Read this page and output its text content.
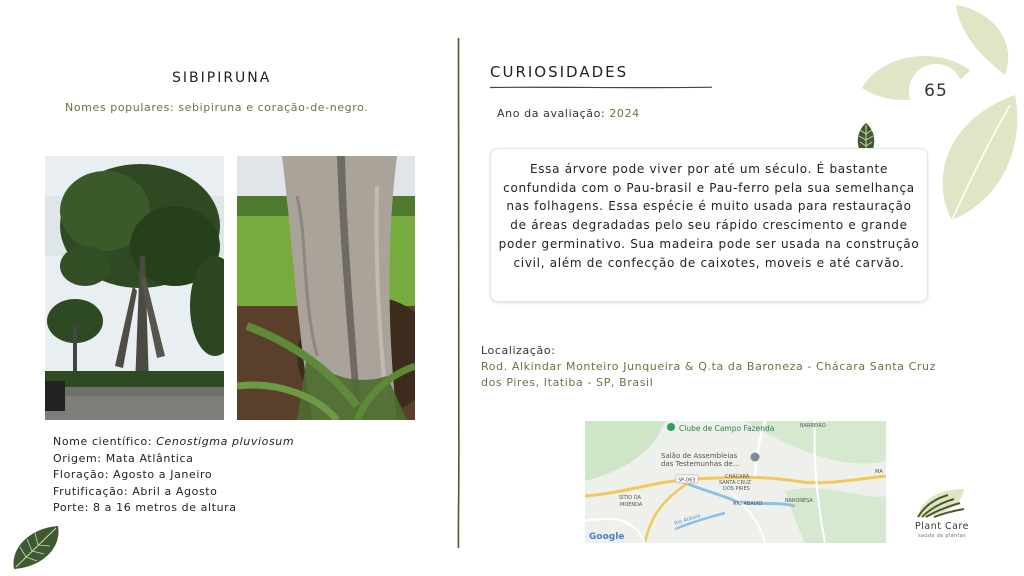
65
SIBIPIRUNA
Nomes populares: sebipiruna e coração-de-negro.
Nome científico: Cenostigma pluviosum
Origem: Mata Atlântica
Floração: Agosto a Janeiro
Frutificação: Abril a Agosto
Porte: 8 a 16 metros de altura
CURIOSIDADES
Ano da avaliação: 2024

Essa árvore pode viver por até um século. É bastante confundida com o Pau-brasil e Pau-ferro pela sua semelhança nas folhagens. Essa espécie é muito usada para restauração de áreas degradadas pelo seu rápido crescimento e grande poder germinativo. Sua madeira pode ser usada na construção civil, além de confecção de caixotes, moveis e até carvão.

Localização:
Rod. Alkindar Monteiro Junqueira & Q.ta da Baroneza - Chácara Santa Cruz dos Pires, Itatiba - SP, Brasil
Clube de Campo Fazenda	BARREIRO
Salão de Assembleias
das Testemunhas de...
SP-063
CHÁCARA
SANTA CRUZ
DOS PIRES
SÍTIO DA
MOENDA
Rio Atibaia
RIO ABAIXO	BARONESA
MA
Google
Plant Care
saúde de plantas
